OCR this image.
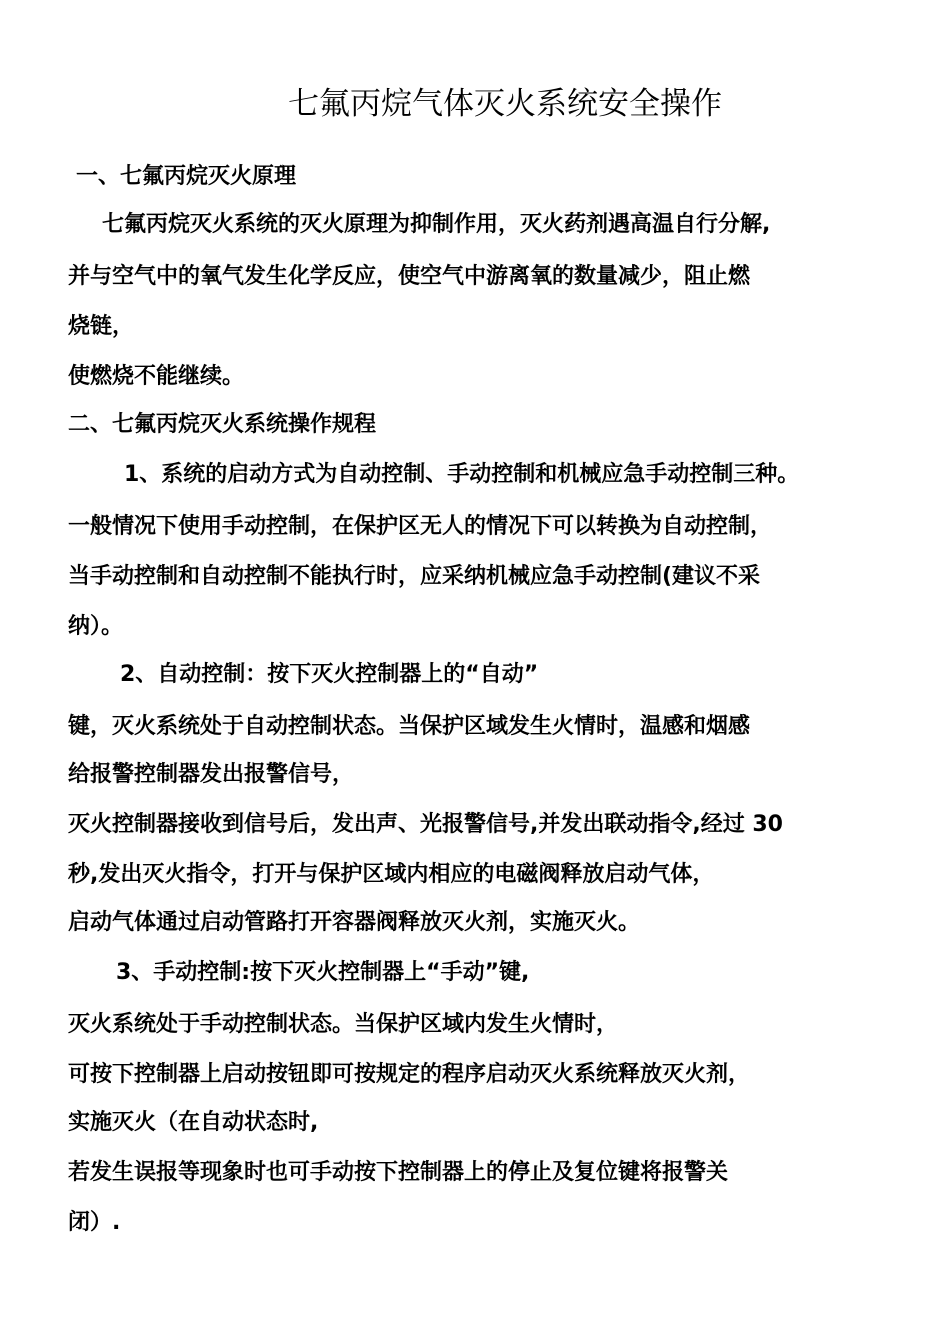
七氟丙烷气体灭火系统安全操作
一、七氟丙烷灭火原理
七氟丙烷灭火系统的灭火原理为抑制作用，灭火药剂遇高温自行分解,
并与空气中的氧气发生化学反应，使空气中游离氧的数量减少，阻止燃
烧链，
使燃烧不能继续。
二、七氟丙烷灭火系统操作规程
1、系统的启动方式为自动控制、手动控制和机械应急手动控制三种。
一般情况下使用手动控制，在保护区无人的情况下可以转换为自动控制，
当手动控制和自动控制不能执行时，应采纳机械应急手动控制(建议不采
纳）。
2、自动控制：按下灭火控制器上的“自动”
键，灭火系统处于自动控制状态。当保护区域发生火情时，温感和烟感
给报警控制器发出报警信号，
灭火控制器接收到信号后，发出声、光报警信号,并发出联动指令,经过 30
秒,发出灭火指令，打开与保护区域内相应的电磁阀释放启动气体，
启动气体通过启动管路打开容器阀释放灭火剂，实施灭火。
3、手动控制:按下灭火控制器上“手动”键,
灭火系统处于手动控制状态。当保护区域内发生火情时，
可按下控制器上启动按钮即可按规定的程序启动灭火系统释放灭火剂，
实施灭火（在自动状态时,
若发生误报等现象时也可手动按下控制器上的停止及复位键将报警关
闭）.
